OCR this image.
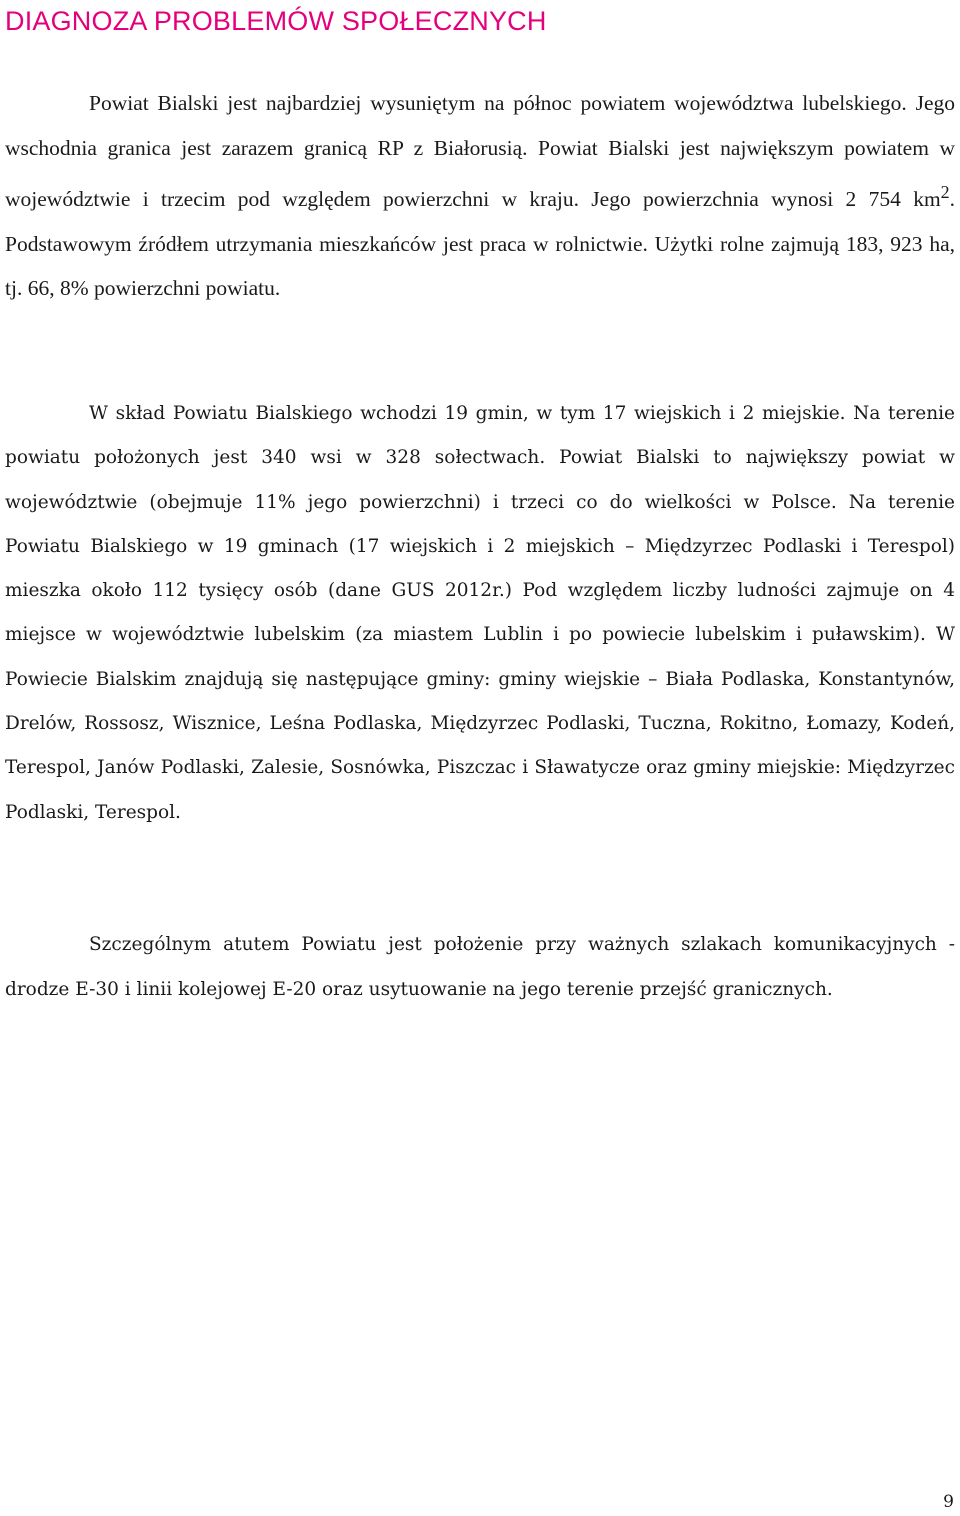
DIAGNOZA PROBLEMÓW SPOŁECZNYCH

Powiat Bialski jest najbardziej wysuniętym na północ powiatem województwa lubelskiego. Jego wschodnia granica jest zarazem granicą RP z Białorusią. Powiat Bialski jest największym powiatem w województwie i trzecim pod względem powierzchni w kraju. Jego powierzchnia wynosi 2 754 $km^2$. Podstawowym źródłem utrzymania mieszkańców jest praca w rolnictwie. Użytki rolne zajmują 183, 923 ha, tj. 66, 8% powierzchni powiatu.

W skład Powiatu Bialskiego wchodzi 19 gmin, w tym 17 wiejskich i 2 miejskie. Na terenie powiatu położonych jest 340 wsi w 328 sołectwach. Powiat Bialski to największy powiat w województwie (obejmuje 11% jego powierzchni) i trzeci co do wielkości w Polsce. Na terenie Powiatu Bialskiego w 19 gminach (17 wiejskich i 2 miejskich – Międzyrzec Podlaski i Terespol) mieszka około 112 tysięcy osób (dane GUS 2012r.) Pod względem liczby ludności zajmuje on 4 miejsce w województwie lubelskim (za miastem Lublin i po powiecie lubelskim i puławskim). W Powiecie Bialskim znajdują się następujące gminy: gminy wiejskie – Biała Podlaska, Konstantynów, Drelów, Rossosz, Wisznice, Leśna Podlaska, Międzyrzec Podlaski, Tuczna, Rokitno, Łomazy, Kodeń, Terespol, Janów Podlaski, Zalesie, Sosnówka, Piszczac i Sławatycze oraz gminy miejskie: Międzyrzec Podlaski, Terespol.

Szczególnym atutem Powiatu jest położenie przy ważnych szlakach komunikacyjnych - drodze E-30 i linii kolejowej E-20 oraz usytuowanie na jego terenie przejść granicznych.

9
